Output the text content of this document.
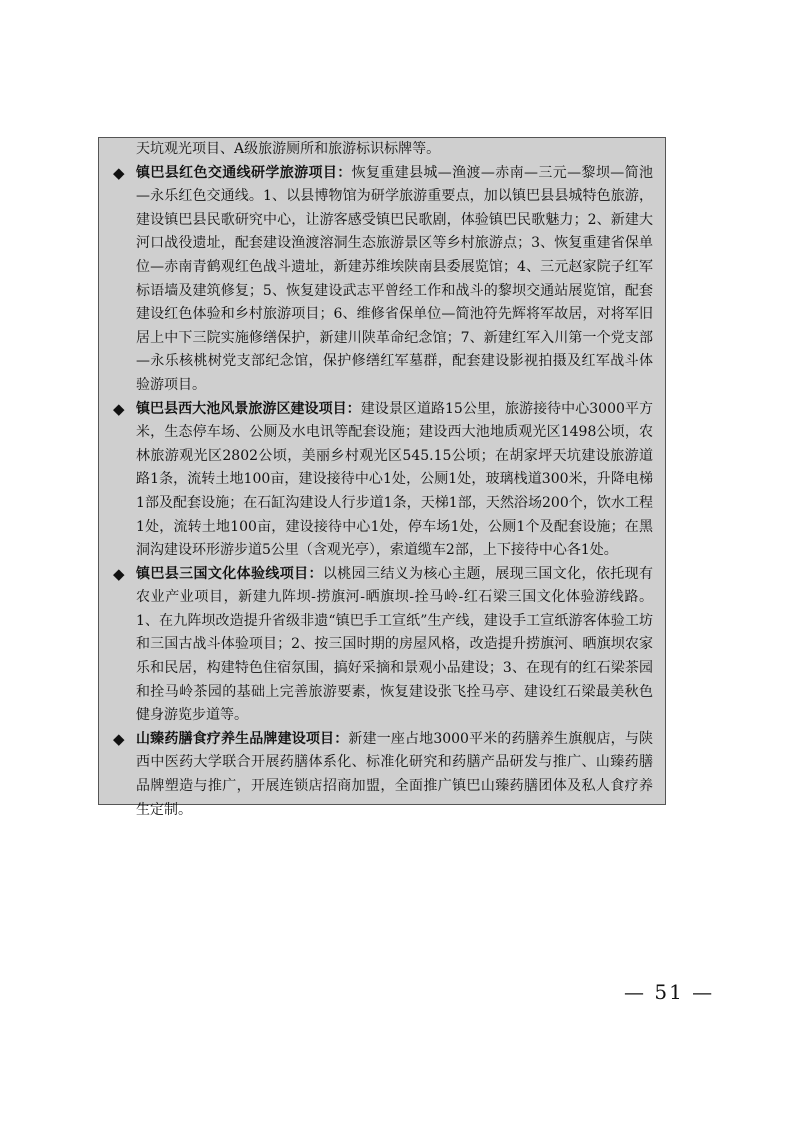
天坑观光项目、A级旅游厕所和旅游标识标牌等。

◆ 镇巴县红色交通线研学旅游项目：恢复重建县城—渔渡—赤南—三元—黎坝—简池—永乐红色交通线。1、以县博物馆为研学旅游重要点，加以镇巴县县城特色旅游，建设镇巴县民歌研究中心，让游客感受镇巴民歌剧，体验镇巴民歌魅力；2、新建大河口战役遗址，配套建设渔渡溶洞生态旅游景区等乡村旅游点；3、恢复重建省保单位—赤南青鹤观红色战斗遗址，新建苏维埃陕南县委展览馆；4、三元赵家院子红军标语墙及建筑修复；5、恢复建设武志平曾经工作和战斗的黎坝交通站展览馆，配套建设红色体验和乡村旅游项目；6、维修省保单位—简池符先辉将军故居，对将军旧居上中下三院实施修缮保护，新建川陕革命纪念馆；7、新建红军入川第一个党支部—永乐核桃树党支部纪念馆，保护修缮红军墓群，配套建设影视拍摄及红军战斗体验游项目。
◆ 镇巴县西大池风景旅游区建设项目：建设景区道路15公里，旅游接待中心3000平方米，生态停车场、公厕及水电讯等配套设施；建设西大池地质观光区1498公顷，农林旅游观光区2802公顷，美丽乡村观光区545.15公顷；在胡家坪天坑建设旅游道路1条，流转土地100亩，建设接待中心1处，公厕1处，玻璃栈道300米，升降电梯1部及配套设施；在石缸沟建设人行步道1条，天梯1部，天然浴场200个，饮水工程1处，流转土地100亩，建设接待中心1处，停车场1处，公厕1个及配套设施；在黑洞沟建设环形游步道5公里（含观光亭），索道缆车2部，上下接待中心各1处。
◆ 镇巴县三国文化体验线项目：以桃园三结义为核心主题，展现三国文化，依托现有农业产业项目，新建九阵坝-捞旗河-晒旗坝-拴马岭-红石梁三国文化体验游线路。1、在九阵坝改造提升省级非遗“镇巴手工宣纸”生产线，建设手工宣纸游客体验工坊和三国古战斗体验项目；2、按三国时期的房屋风格，改造提升捞旗河、晒旗坝农家乐和民居，构建特色住宿氛围，搞好采摘和景观小品建设；3、在现有的红石梁茶园和拴马岭茶园的基础上完善旅游要素，恢复建设张飞拴马亭、建设红石梁最美秋色健身游览步道等。
◆ 山臻药膳食疗养生品牌建设项目：新建一座占地3000平米的药膳养生旗舰店，与陕西中医药大学联合开展药膳体系化、标准化研究和药膳产品研发与推广、山臻药膳品牌塑造与推广，开展连锁店招商加盟，全面推广镇巴山臻药膳团体及私人食疗养生定制。
— 51 —
